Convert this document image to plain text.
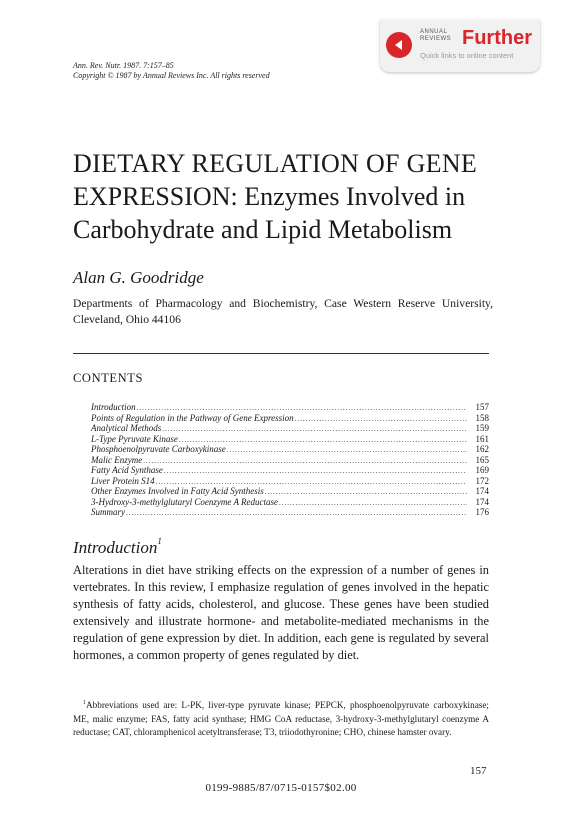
ANNUAL
REVIEWS Further
Quick links to online content
Ann. Rev. Nutr. 1987. 7:157–85
Copyright © 1987 by Annual Reviews Inc. All rights reserved
DIETARY REGULATION OF GENE
EXPRESSION: Enzymes Involved in
Carbohydrate and Lipid Metabolism
Alan G. Goodridge
Departments of Pharmacology and Biochemistry, Case Western Reserve University, Cleveland, Ohio 44106
CONTENTS
Introduction .....	157
Points of Regulation in the Pathway of Gene Expression .....	158
Analytical Methods .....	159
L-Type Pyruvate Kinase .....	161
Phosphoenolpyruvate Carboxykinase .....	162
Malic Enzyme .....	165
Fatty Acid Synthase .....	169
Liver Protein S14 .....	172
Other Enzymes Involved in Fatty Acid Synthesis .....	174
3-Hydroxy-3-methylglutaryl Coenzyme A Reductase .....	174
Summary .....	176
Introduction$^1$

Alterations in diet have striking effects on the expression of a number of genes in vertebrates. In this review, I emphasize regulation of genes involved in the hepatic synthesis of fatty acids, cholesterol, and glucose. These genes have been studied extensively and illustrate hormone- and metabolite-mediated mechanisms in the regulation of gene expression by diet. In addition, each gene is regulated by several hormones, a common property of genes regulated by diet.

$^1$Abbreviations used are: L-PK, liver-type pyruvate kinase; PEPCK, phosphoenolpyruvate carboxykinase; ME, malic enzyme; FAS, fatty acid synthase; HMG CoA reductase, 3-hydroxy-3-methylglutaryl coenzyme A reductase; CAT, chloramphenicol acetyltransferase; T3, triiodothyronine; CHO, chinese hamster ovary.

157
0199-9885/87/0715-0157$02.00
